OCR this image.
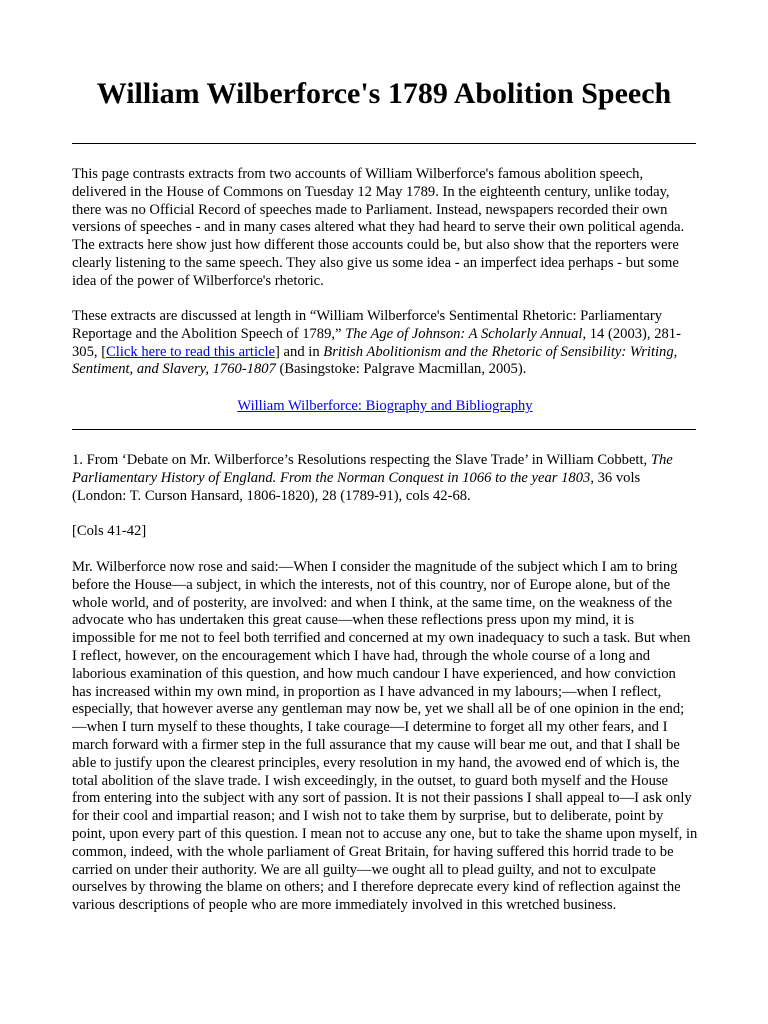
William Wilberforce's 1789 Abolition Speech

This page contrasts extracts from two accounts of William Wilberforce's famous abolition speech, delivered in the House of Commons on Tuesday 12 May 1789. In the eighteenth century, unlike today, there was no Official Record of speeches made to Parliament. Instead, newspapers recorded their own versions of speeches - and in many cases altered what they had heard to serve their own political agenda. The extracts here show just how different those accounts could be, but also show that the reporters were clearly listening to the same speech. They also give us some idea - an imperfect idea perhaps - but some idea of the power of Wilberforce's rhetoric.

These extracts are discussed at length in “William Wilberforce's Sentimental Rhetoric: Parliamentary Reportage and the Abolition Speech of 1789,” The Age of Johnson: A Scholarly Annual, 14 (2003), 281-305, [Click here to read this article] and in British Abolitionism and the Rhetoric of Sensibility: Writing, Sentiment, and Slavery, 1760-1807 (Basingstoke: Palgrave Macmillan, 2005).

William Wilberforce: Biography and Bibliography

1. From ‘Debate on Mr. Wilberforce’s Resolutions respecting the Slave Trade’ in William Cobbett, The Parliamentary History of England. From the Norman Conquest in 1066 to the year 1803, 36 vols (London: T. Curson Hansard, 1806-1820), 28 (1789-91), cols 42-68.

[Cols 41-42]

Mr. Wilberforce now rose and said:—When I consider the magnitude of the subject which I am to bring before the House—a subject, in which the interests, not of this country, nor of Europe alone, but of the whole world, and of posterity, are involved: and when I think, at the same time, on the weakness of the advocate who has undertaken this great cause—when these reflections press upon my mind, it is impossible for me not to feel both terrified and concerned at my own inadequacy to such a task. But when I reflect, however, on the encouragement which I have had, through the whole course of a long and laborious examination of this question, and how much candour I have experienced, and how conviction has increased within my own mind, in proportion as I have advanced in my labours;—when I reflect, especially, that however averse any gentleman may now be, yet we shall all be of one opinion in the end;—when I turn myself to these thoughts, I take courage—I determine to forget all my other fears, and I march forward with a firmer step in the full assurance that my cause will bear me out, and that I shall be able to justify upon the clearest principles, every resolution in my hand, the avowed end of which is, the total abolition of the slave trade. I wish exceedingly, in the outset, to guard both myself and the House from entering into the subject with any sort of passion. It is not their passions I shall appeal to—I ask only for their cool and impartial reason; and I wish not to take them by surprise, but to deliberate, point by point, upon every part of this question. I mean not to accuse any one, but to take the shame upon myself, in common, indeed, with the whole parliament of Great Britain, for having suffered this horrid trade to be carried on under their authority. We are all guilty—we ought all to plead guilty, and not to exculpate ourselves by throwing the blame on others; and I therefore deprecate every kind of reflection against the various descriptions of people who are more immediately involved in this wretched business.
